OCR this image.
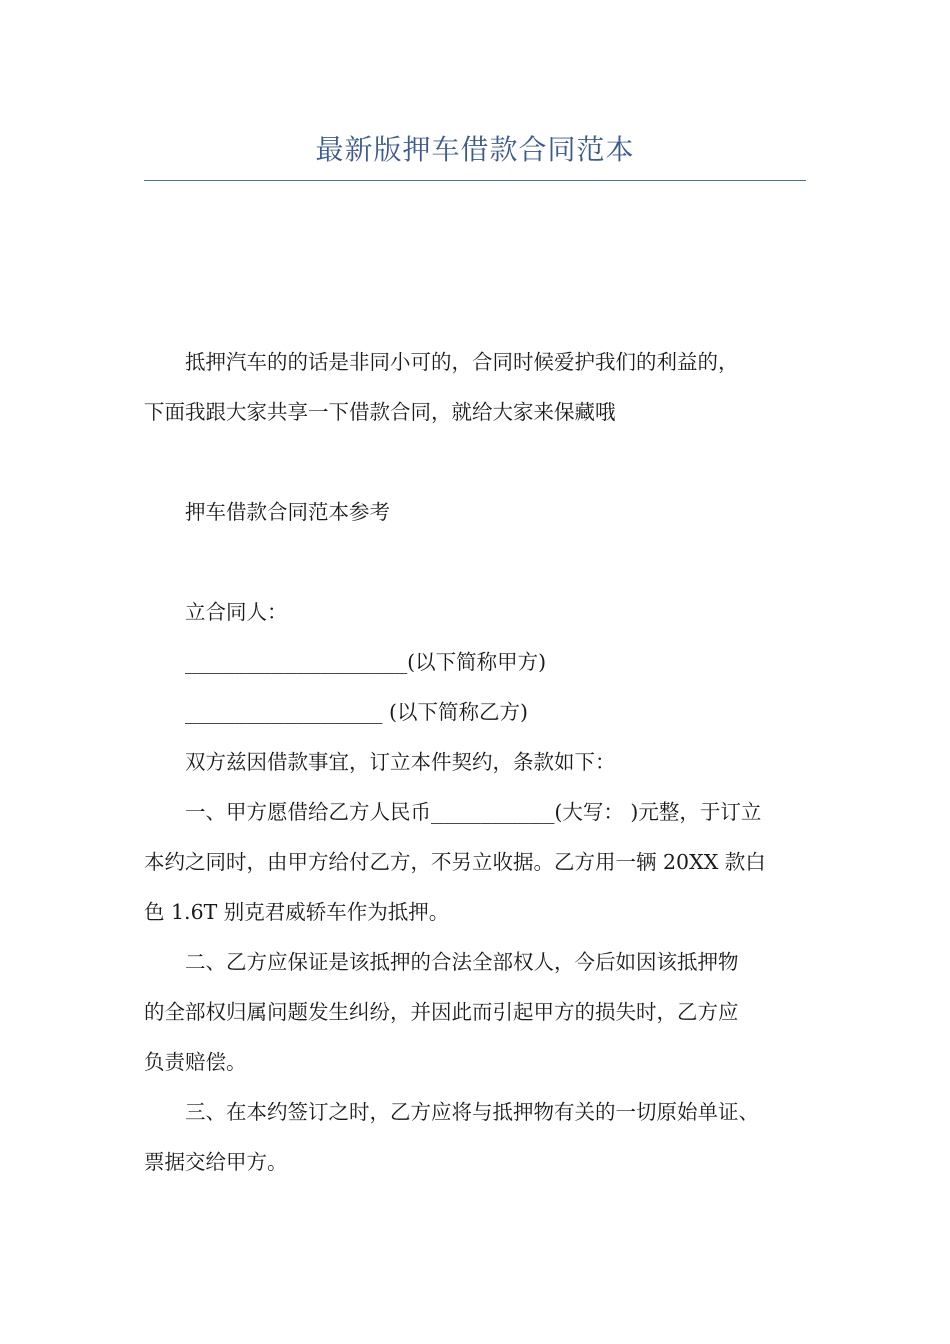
最新版押车借款合同范本

抵押汽车的的话是非同小可的，合同时候爱护我们的利益的，

下面我跟大家共享一下借款合同，就给大家来保藏哦

押车借款合同范本参考

立合同人：

__________________(以下简称甲方)

________________ (以下简称乙方)

双方兹因借款事宜，订立本件契约，条款如下：

一、甲方愿借给乙方人民币__________(大写： )元整，于订立

本约之同时，由甲方给付乙方，不另立收据。乙方用一辆 20XX 款白

色 1.6T 别克君威轿车作为抵押。

二、乙方应保证是该抵押的合法全部权人，今后如因该抵押物

的全部权归属问题发生纠纷，并因此而引起甲方的损失时，乙方应

负责赔偿。

三、在本约签订之时，乙方应将与抵押物有关的一切原始单证、

票据交给甲方。
